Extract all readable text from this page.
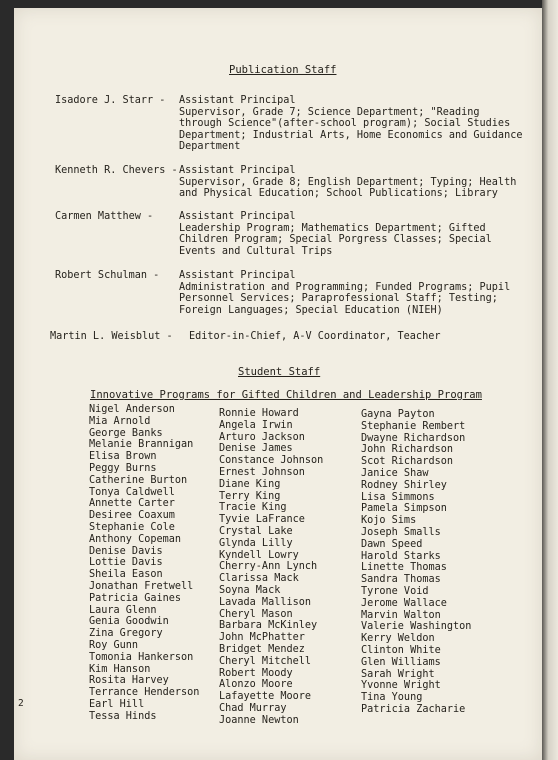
Publication Staff
Isadore J. Starr - Assistant Principal
Supervisor, Grade 7; Science Department; "Reading
through Science"(after-school program); Social Studies
Department; Industrial Arts, Home Economics and Guidance
Department
Kenneth R. Chevers - Assistant Principal
Supervisor, Grade 8; English Department; Typing; Health
and Physical Education; School Publications; Library
Carmen Matthew -	Assistant Principal
Leadership Program; Mathematics Department; Gifted
Children Program; Special Porgress Classes; Special
Events and Cultural Trips
Robert Schulman - Assistant Principal
Administration and Programming; Funded Programs; Pupil
Personnel Services; Paraprofessional Staff; Testing;
Foreign Languages; Special Education (NIEH)
Martin L. Weisblut - Editor-in-Chief, A-V Coordinator, Teacher
Student Staff
Innovative Programs for Gifted Children and Leadership Program
Nigel Anderson
Mia Arnold
George Banks
Melanie Brannigan
Elisa Brown
Peggy Burns
Catherine Burton
Tonya Caldwell
Annette Carter
Desiree Coaxum
Stephanie Cole
Anthony Copeman
Denise Davis
Lottie Davis
Sheila Eason
Jonathan Fretwell
Patricia Gaines
Laura Glenn
Genia Goodwin
Zina Gregory
Roy Gunn
Tomonia Hankerson
Kim Hanson
Rosita Harvey
Terrance Henderson
Earl Hill
Tessa Hinds
Ronnie Howard
Angela Irwin
Arturo Jackson
Denise James
Constance Johnson
Ernest Johnson
Diane King
Terry King
Tracie King
Tyvie LaFrance
Crystal Lake
Glynda Lilly
Kyndell Lowry
Cherry-Ann Lynch
Clarissa Mack
Soyna Mack
Lavada Mallison
Cheryl Mason
Barbara McKinley
John McPhatter
Bridget Mendez
Cheryl Mitchell
Robert Moody
Alonzo Moore
Lafayette Moore
Chad Murray
Joanne Newton
Gayna Payton
Stephanie Rembert
Dwayne Richardson
John Richardson
Scot Richardson
Janice Shaw
Rodney Shirley
Lisa Simmons
Pamela Simpson
Kojo Sims
Joseph Smalls
Dawn Speed
Harold Starks
Linette Thomas
Sandra Thomas
Tyrone Void
Jerome Wallace
Marvin Walton
Valerie Washington
Kerry Weldon
Clinton White
Glen Williams
Sarah Wright
Yvonne Wright
Tina Young
Patricia Zacharie
2
